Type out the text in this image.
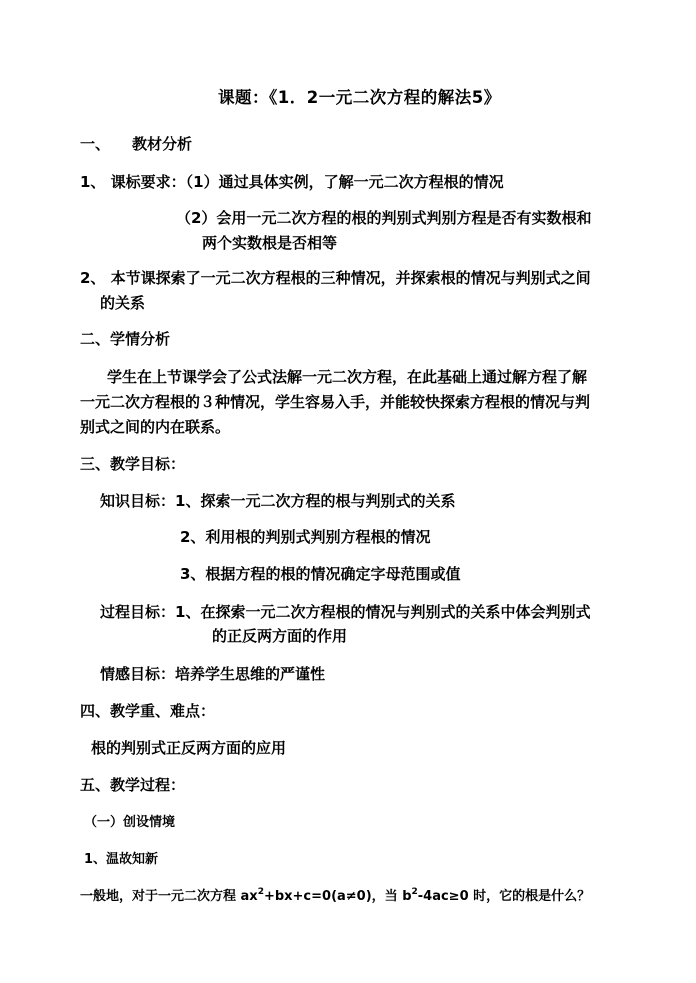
课题：《1．2一元二次方程的解法5》
一、 教材分析
1、 课标要求：（1）通过具体实例，了解一元二次方程根的情况
（2）会用一元二次方程的根的判别式判别方程是否有实数根和
两个实数根是否相等
2、 本节课探索了一元二次方程根的三种情况，并探索根的情况与判别式之间
的关系
二、学情分析
学生在上节课学会了公式法解一元二次方程，在此基础上通过解方程了解
一元二次方程根的３种情况，学生容易入手，并能较快探索方程根的情况与判
别式之间的内在联系。
三、教学目标：
知识目标：1、探索一元二次方程的根与判别式的关系
2、利用根的判别式判别方程根的情况
3、根据方程的根的情况确定字母范围或值
过程目标：1、在探索一元二次方程根的情况与判别式的关系中体会判别式
的正反两方面的作用
情感目标：培养学生思维的严谨性
四、教学重、难点：
根的判别式正反两方面的应用
五、教学过程：
（一）创设情境
1、温故知新
一般地，对于一元二次方程 $ax^2+bx+c=0(a\ne 0)$，当 $b^2-4ac\ge 0$ 时，它的根是什么？
